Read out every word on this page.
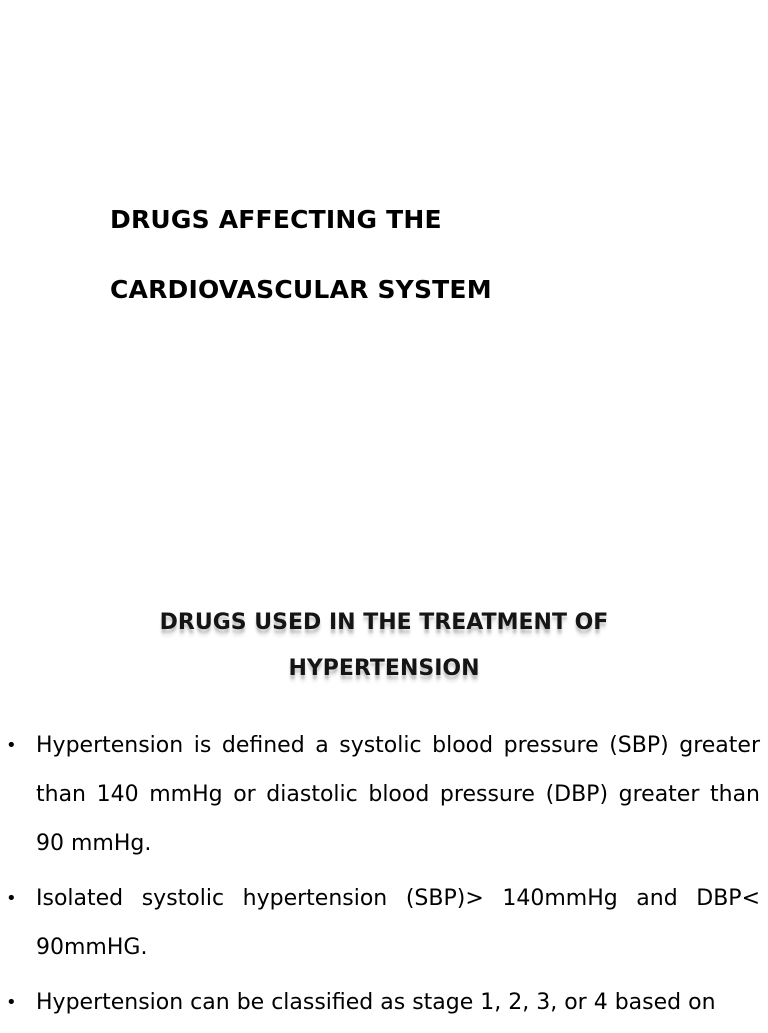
DRUGS AFFECTING THE
CARDIOVASCULAR SYSTEM
DRUGS USED IN THE TREATMENT OF
HYPERTENSION
• Hypertension is defined a systolic blood pressure (SBP) greater than 140 mmHg or diastolic blood pressure (DBP) greater than 90 mmHg.
• Isolated systolic hypertension (SBP)> 140mmHg and DBP< 90mmHG.
• Hypertension can be classified as stage 1, 2, 3, or 4 based on
